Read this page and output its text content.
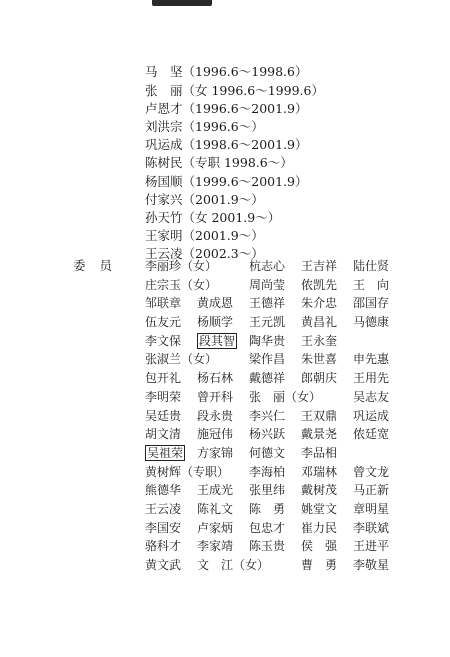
马　坚（1996.6～1998.6）
张　丽（女 1996.6～1999.6）
卢恩才（1996.6～2001.9）
刘洪宗（1996.6～）
巩运成（1998.6～2001.9）
陈树民（专职 1998.6～）
杨国顺（1999.6～2001.9）
付家兴（2001.9～）
孙天竹（女 2001.9～）
王家明（2001.9～）
王云凌（2002.3～）
委员 李丽珍（女）	杭志心 王吉祥 陆仕贤
庄宗玉（女）	周尚莹 侬凯先 王　向
邹联章 黄成恩 王德祥 朱介忠 邵国存
伍友元 杨顺学 王元凯 黄昌礼 马德康
李文保 段其智 陶华贵 王永奎
张淑兰（女）	梁作昌 朱世喜 申先惠
包开礼 杨石林 戴德祥 郎朝庆 王用先
李明荣 曾开科 张　丽（女）	吴志友
吴廷贵 段永贵 李兴仁 王双鼎 巩运成
胡文清 施冠伟 杨兴跃 戴景尧 侬廷宽
吴祖荣 方家锦 何德文 李品相
黄树辉（专职） 李海柏 邓瑞林 曾文龙
熊德华 王成光 张里纬 戴树茂 马正新
王云凌 陈礼文 陈　勇 姚堂文 章明星
李国安 卢家炳 包忠才 崔力民 李联斌
骆科才 李家靖 陈玉贵 侯　强 王进平
黄文武 文　江（女）	曹　勇 李敬星
